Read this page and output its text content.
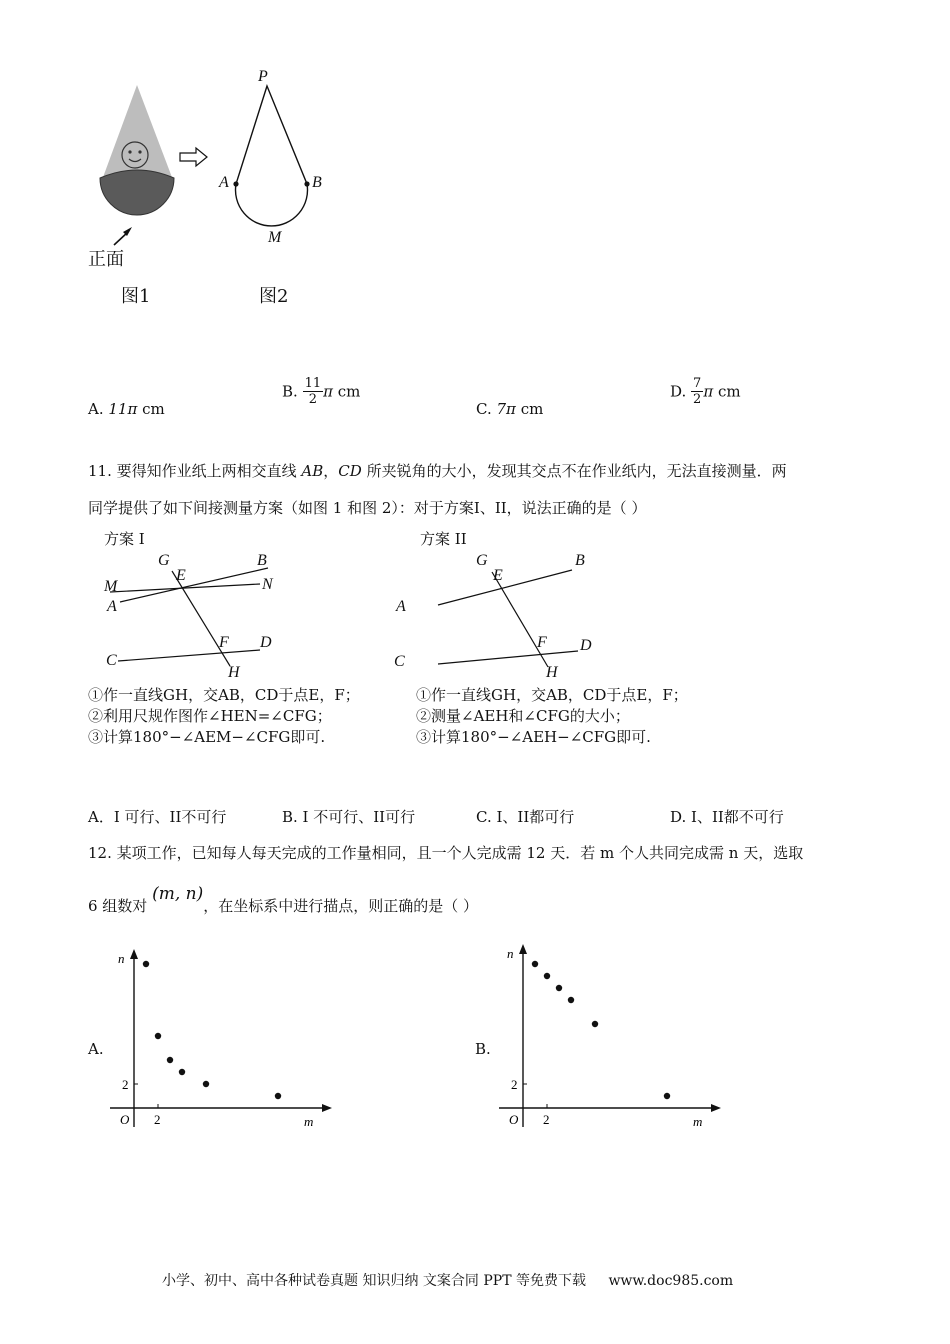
P
A	B
M
正面
图1	图2
A. 11π cm
B. $\frac{11}{2}$ π cm
C. 7π cm
D. $\frac{7}{2}$ π cm
11. 要得知作业纸上两相交直线 AB，CD 所夹锐角的大小，发现其交点不在作业纸内，无法直接测量．两
同学提供了如下间接测量方案（如图 1 和图 2）：对于方案I、II，说法正确的是（ ）
方案 I	方案 II
G	B
M
E
N
A
F D
C
H
G	B
E
A
F D
C
H
①作一直线GH，交AB，CD于点E，F；
②利用尺规作图作∠HEN=∠CFG；
③计算180°−∠AEM−∠CFG即可.
①作一直线GH，交AB，CD于点E，F；
②测量∠AEH和∠CFG的大小；
③计算180°−∠AEH−∠CFG即可.
A．I 可行、II不可行	B. I 不可行、II可行	C. I、II都可行	D. I、II都不可行
12. 某项工作，已知每人每天完成的工作量相同，且一个人完成需 12 天．若 m 个人共同完成需 n 天，选取
6 组数对 (m, n)，在坐标系中进行描点，则正确的是（ ）
A.	B.
O 2
2
m
n
O 2
2
m
n
小学、初中、高中各种试卷真题 知识归纳 文案合同 PPT 等免费下载 www.doc985.com
